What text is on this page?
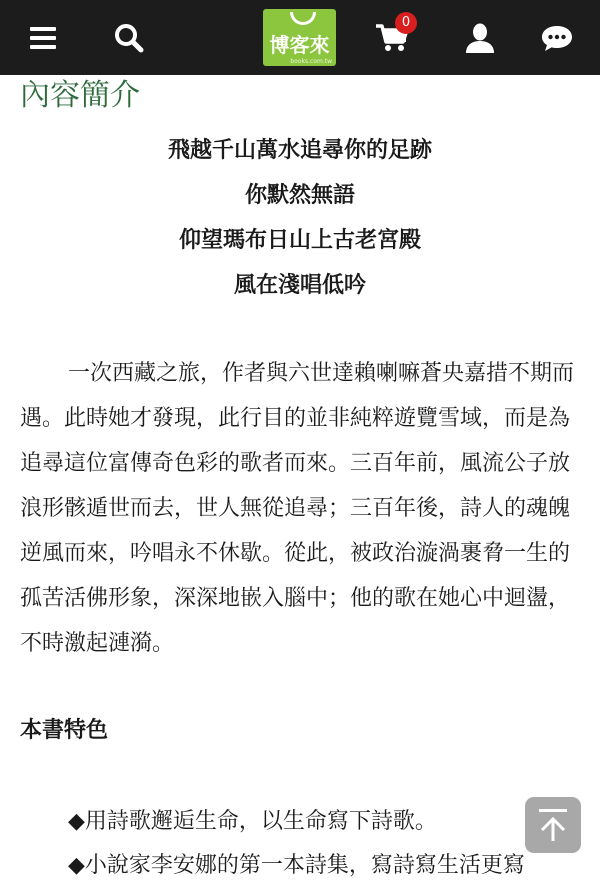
博客來
books.com.tw
0
內容簡介
飛越千山萬水追尋你的足跡
你默然無語
仰望瑪布日山上古老宮殿
風在淺唱低吟

一次西藏之旅，作者與六世達賴喇嘛蒼央嘉措不期而遇。此時她才發現，此行目的並非純粹遊覽雪域，而是為追尋這位富傳奇色彩的歌者而來。三百年前，風流公子放浪形骸遁世而去，世人無從追尋；三百年後，詩人的魂魄逆風而來，吟唱永不休歇。從此，被政治漩渦裹脅一生的孤苦活佛形象，深深地嵌入腦中；他的歌在她心中迴盪，不時激起漣漪。

本書特色

◆用詩歌邂逅生命，以生命寫下詩歌。

◆小說家李安娜的第一本詩集，寫詩寫生活更寫
